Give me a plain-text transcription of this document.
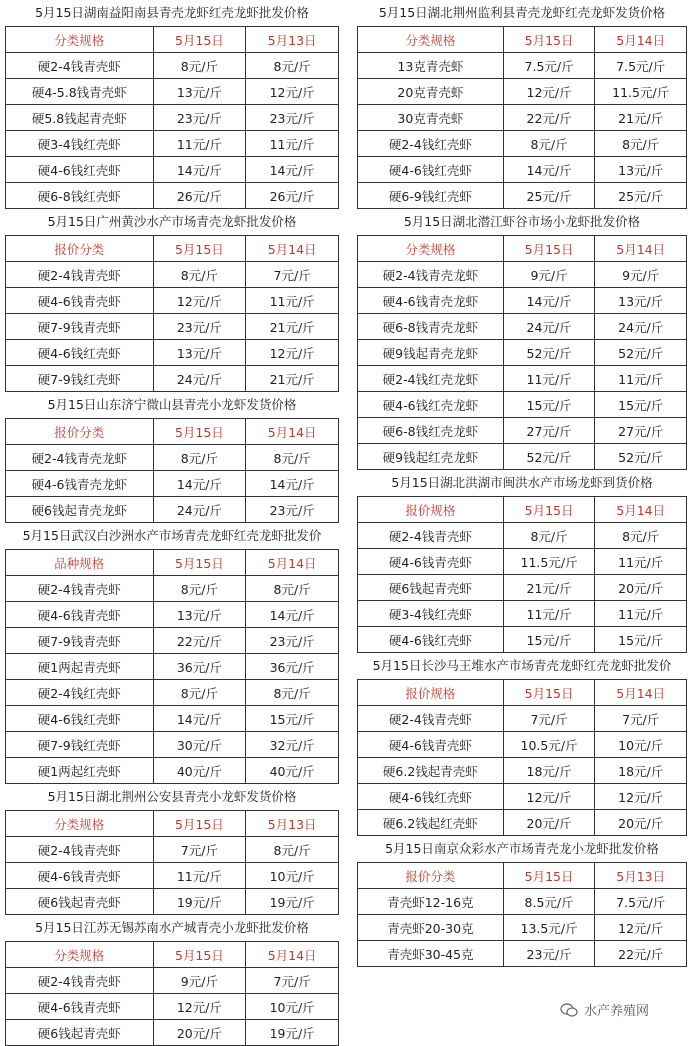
5月15日湖南益阳南县青壳龙虾红壳龙虾批发价格
分类规格	5月15日	5月13日
硬2-4钱青壳虾	8元/斤	8元/斤
硬4-5.8钱青壳虾	13元/斤	12元/斤
硬5.8钱起青壳虾	23元/斤	23元/斤
硬3-4钱红壳虾	11元/斤	11元/斤
硬4-6钱红壳虾	14元/斤	14元/斤
硬6-8钱红壳虾	26元/斤	26元/斤
5月15日广州黄沙水产市场青壳龙虾批发价格
报价分类	5月15日	5月14日
硬2-4钱青壳虾	8元/斤	7元/斤
硬4-6钱青壳虾	12元/斤	11元/斤
硬7-9钱青壳虾	23元/斤	21元/斤
硬4-6钱红壳虾	13元/斤	12元/斤
硬7-9钱红壳虾	24元/斤	21元/斤
5月15日山东济宁微山县青壳小龙虾发货价格
报价分类	5月15日	5月14日
硬2-4钱青壳龙虾	8元/斤	8元/斤
硬4-6钱青壳龙虾	14元/斤	14元/斤
硬6钱起青壳龙虾	24元/斤	23元/斤
5月15日武汉白沙洲水产市场青壳龙虾红壳龙虾批发价
品种规格	5月15日	5月14日
硬2-4钱青壳虾	8元/斤	8元/斤
硬4-6钱青壳虾	13元/斤	14元/斤
硬7-9钱青壳虾	22元/斤	23元/斤
硬1两起青壳虾	36元/斤	36元/斤
硬2-4钱红壳虾	8元/斤	8元/斤
硬4-6钱红壳虾	14元/斤	15元/斤
硬7-9钱红壳虾	30元/斤	32元/斤
硬1两起红壳虾	40元/斤	40元/斤
5月15日湖北荆州公安县青壳小龙虾发货价格
分类规格	5月15日	5月13日
硬2-4钱青壳虾	7元/斤	8元/斤
硬4-6钱青壳虾	11元/斤	10元/斤
硬6钱起青壳虾	19元/斤	19元/斤
5月15日江苏无锡苏南水产城青壳小龙虾批发价格
分类规格	5月15日	5月14日
硬2-4钱青壳虾	9元/斤	7元/斤
硬4-6钱青壳虾	12元/斤	10元/斤
硬6钱起青壳虾	20元/斤	19元/斤
5月15日湖北荆州监利县青壳龙虾红壳龙虾发货价格
分类规格	5月15日	5月14日
13克青壳虾	7.5元/斤	7.5元/斤
20克青壳虾	12元/斤	11.5元/斤
30克青壳虾	22元/斤	21元/斤
硬2-4钱红壳虾	8元/斤	8元/斤
硬4-6钱红壳虾	14元/斤	13元/斤
硬6-9钱红壳虾	25元/斤	25元/斤
5月15日湖北潜江虾谷市场小龙虾批发价格
分类规格	5月15日	5月14日
硬2-4钱青壳龙虾	9元/斤	9元/斤
硬4-6钱青壳龙虾	14元/斤	13元/斤
硬6-8钱青壳龙虾	24元/斤	24元/斤
硬9钱起青壳龙虾	52元/斤	52元/斤
硬2-4钱红壳龙虾	11元/斤	11元/斤
硬4-6钱红壳龙虾	15元/斤	15元/斤
硬6-8钱红壳龙虾	27元/斤	27元/斤
硬9钱起红壳龙虾	52元/斤	52元/斤
5月15日湖北洪湖市闽洪水产市场龙虾到货价格
报价规格	5月15日	5月14日
硬2-4钱青壳虾	8元/斤	8元/斤
硬4-6钱青壳虾	11.5元/斤	11元/斤
硬6钱起青壳虾	21元/斤	20元/斤
硬3-4钱红壳虾	11元/斤	11元/斤
硬4-6钱红壳虾	15元/斤	15元/斤
5月15日长沙马王堆水产市场青壳龙虾红壳龙虾批发价
报价规格	5月15日	5月14日
硬2-4钱青壳虾	7元/斤	7元/斤
硬4-6钱青壳虾	10.5元/斤	10元/斤
硬6.2钱起青壳虾	18元/斤	18元/斤
硬4-6钱红壳虾	12元/斤	12元/斤
硬6.2钱起红壳虾	20元/斤	20元/斤
5月15日南京众彩水产市场青壳龙小龙虾批发价格
报价分类	5月15日	5月13日
青壳虾12-16克	8.5元/斤	7.5元/斤
青壳虾20-30克	13.5元/斤	12元/斤
青壳虾30-45克	23元/斤	22元/斤
水产养殖网
